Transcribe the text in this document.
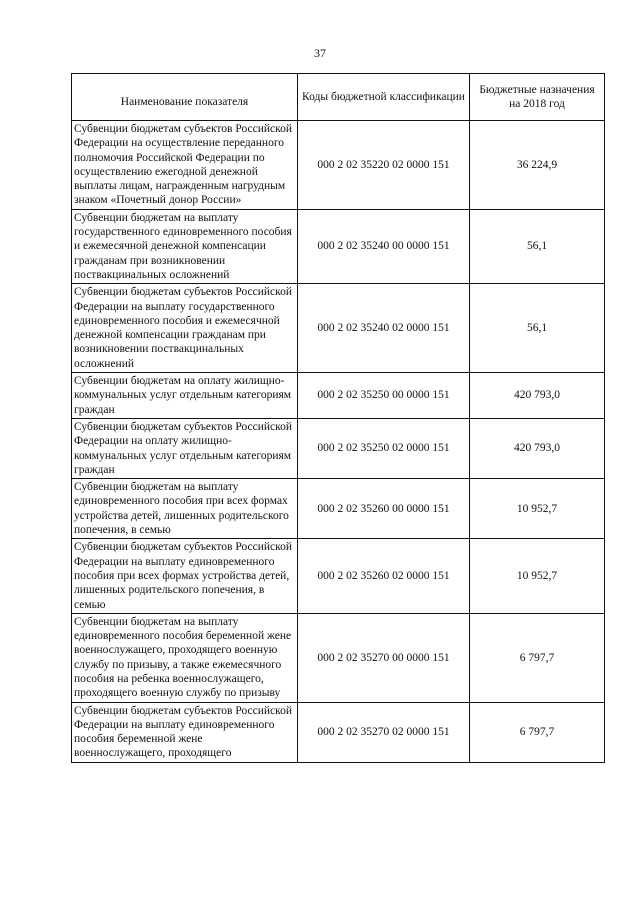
37
Наименование показателя	Коды бюджетной классификации	Бюджетные назначения на 2018 год
Субвенции бюджетам субъектов Российской Федерации на осуществление переданного полномочия Российской Федерации по осуществлению ежегодной денежной выплаты лицам, награжденным нагрудным знаком «Почетный донор России»	000 2 02 35220 02 0000 151	36 224,9
Субвенции бюджетам на выплату государственного единовременного пособия и ежемесячной денежной компенсации гражданам при возникновении поствакцинальных осложнений	000 2 02 35240 00 0000 151	56,1
Субвенции бюджетам субъектов Российской Федерации на выплату государственного единовременного пособия и ежемесячной денежной компенсации гражданам при возникновении поствакцинальных осложнений	000 2 02 35240 02 0000 151	56,1
Субвенции бюджетам на оплату жилищно-коммунальных услуг отдельным категориям граждан	000 2 02 35250 00 0000 151	420 793,0
Субвенции бюджетам субъектов Российской Федерации на оплату жилищно-коммунальных услуг отдельным категориям граждан	000 2 02 35250 02 0000 151	420 793,0
Субвенции бюджетам на выплату единовременного пособия при всех формах устройства детей, лишенных родительского попечения, в семью	000 2 02 35260 00 0000 151	10 952,7
Субвенции бюджетам субъектов Российской Федерации на выплату единовременного пособия при всех формах устройства детей, лишенных родительского попечения, в семью	000 2 02 35260 02 0000 151	10 952,7
Субвенции бюджетам на выплату единовременного пособия беременной жене военнослужащего, проходящего военную службу по призыву, а также ежемесячного пособия на ребенка военнослужащего, проходящего военную службу по призыву	000 2 02 35270 00 0000 151	6 797,7
Субвенции бюджетам субъектов Российской Федерации на выплату единовременного пособия беременной жене военнослужащего, проходящего	000 2 02 35270 02 0000 151	6 797,7
